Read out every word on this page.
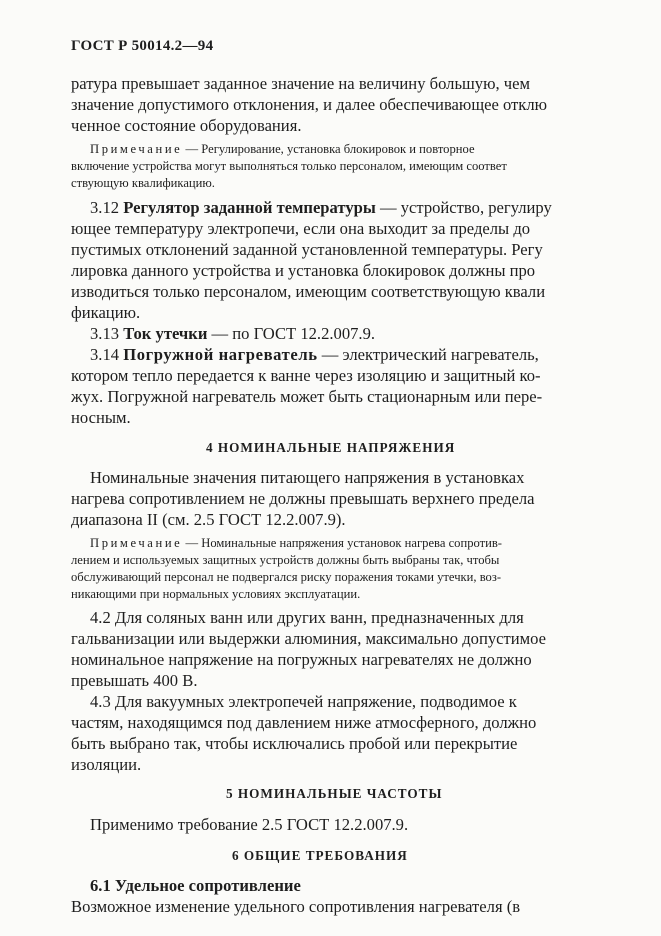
ГОСТ Р 50014.2—94
ратура превышает заданное значение на величину большую, чем
значение допустимого отклонения, и далее обеспечивающее отклю
ченное состояние оборудования.
Примечание — Регулирование, установка блокировок и повторное
включение устройства могут выполняться только персоналом, имеющим соответ
ствующую квалификацию.
3.12 Регулятор заданной температуры — устройство, регулиру
ющее температуру электропечи, если она выходит за пределы до
пустимых отклонений заданной установленной температуры. Регу
лировка данного устройства и установка блокировок должны про
изводиться только персоналом, имеющим соответствующую квали
фикацию.
3.13 Ток утечки — по ГОСТ 12.2.007.9.
3.14 Погружной нагреватель — электрический нагреватель,
котором тепло передается к ванне через изоляцию и защитный ко-
жух. Погружной нагреватель может быть стационарным или пере-
носным.
4 НОМИНАЛЬНЫЕ НАПРЯЖЕНИЯ
Номинальные значения питающего напряжения в установках
нагрева сопротивлением не должны превышать верхнего предела
диапазона II (см. 2.5 ГОСТ 12.2.007.9).
Примечание — Номинальные напряжения установок нагрева сопротив-
лением и используемых защитных устройств должны быть выбраны так, чтобы
обслуживающий персонал не подвергался риску поражения токами утечки, воз-
никающими при нормальных условиях эксплуатации.
4.2 Для соляных ванн или других ванн, предназначенных для
гальванизации или выдержки алюминия, максимально допустимое
номинальное напряжение на погружных нагревателях не должно
превышать 400 В.
4.3 Для вакуумных электропечей напряжение, подводимое к
частям, находящимся под давлением ниже атмосферного, должно
быть выбрано так, чтобы исключались пробой или перекрытие
изоляции.
5 НОМИНАЛЬНЫЕ ЧАСТОТЫ
Применимо требование 2.5 ГОСТ 12.2.007.9.
6 ОБЩИЕ ТРЕБОВАНИЯ
6.1 Удельное сопротивление
Возможное изменение удельного сопротивления нагревателя (в
